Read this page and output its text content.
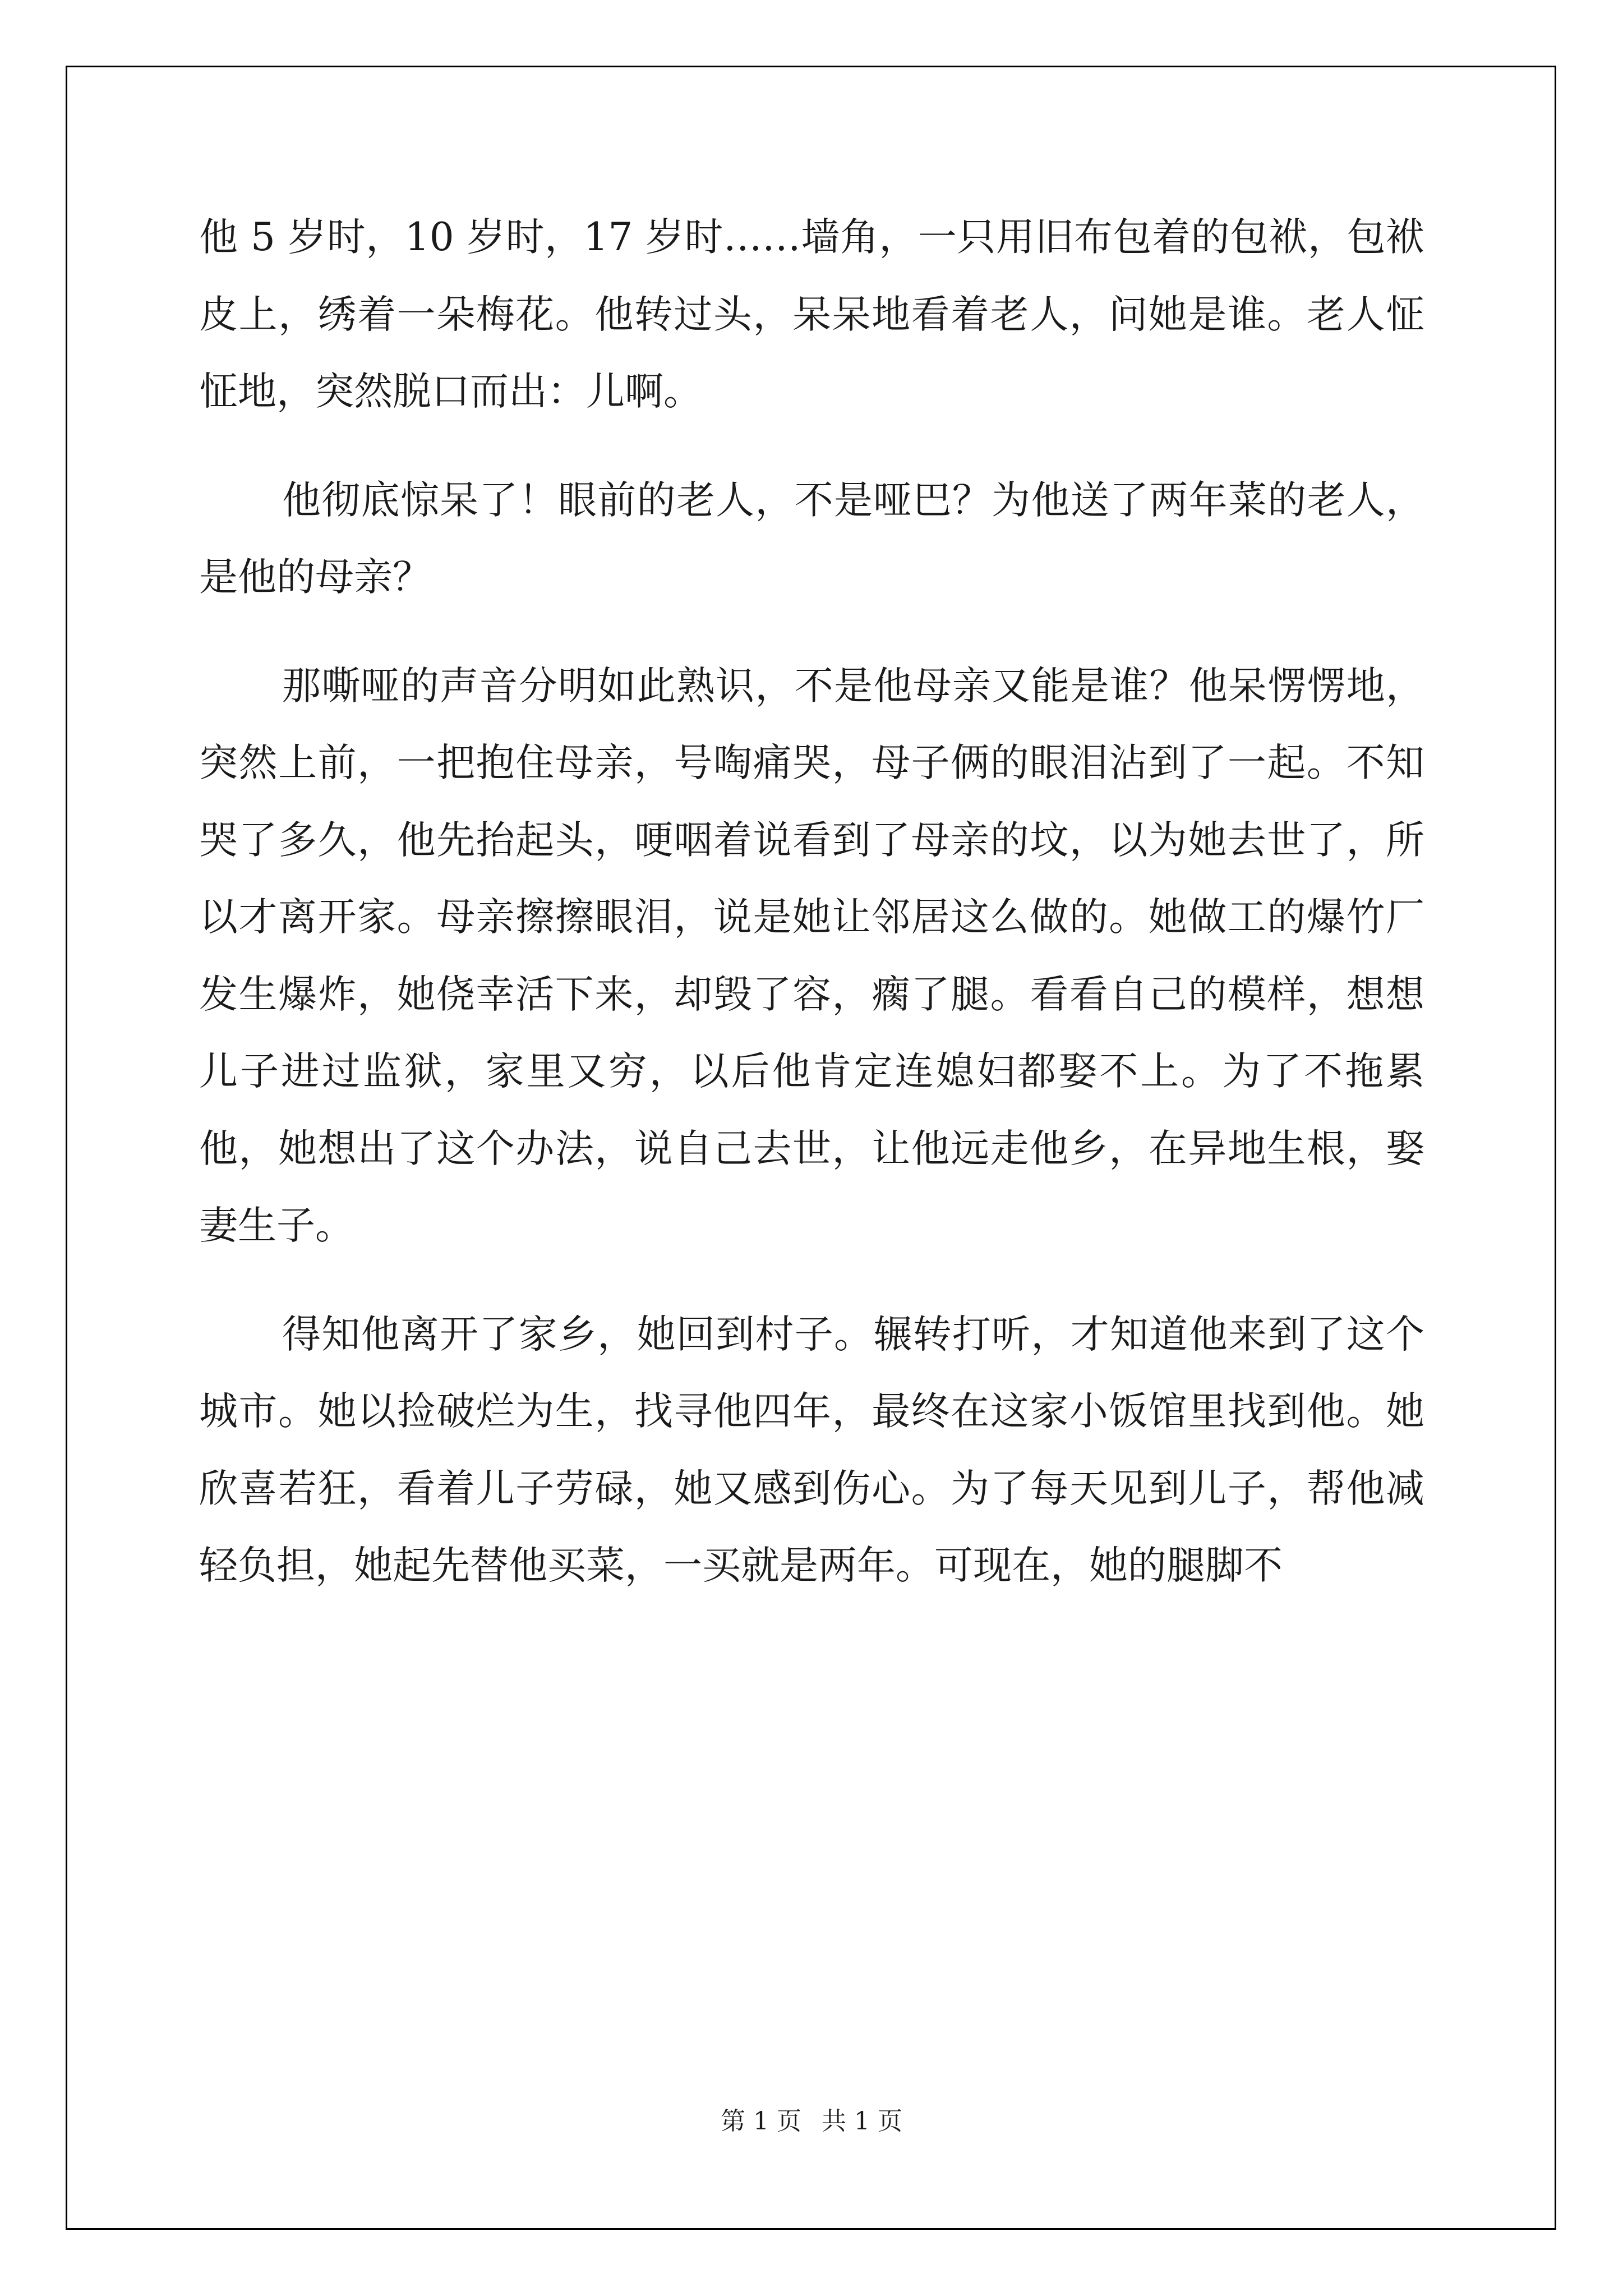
他 5 岁时，10 岁时，17 岁时……墙角，一只用旧布包着的包袱，包袱皮上，绣着一朵梅花。他转过头，呆呆地看着老人，问她是谁。老人怔怔地，突然脱口而出：儿啊。

他彻底惊呆了！眼前的老人，不是哑巴？为他送了两年菜的老人，是他的母亲？

那嘶哑的声音分明如此熟识，不是他母亲又能是谁？他呆愣愣地，突然上前，一把抱住母亲，号啕痛哭，母子俩的眼泪沾到了一起。不知哭了多久，他先抬起头，哽咽着说看到了母亲的坟，以为她去世了，所以才离开家。母亲擦擦眼泪，说是她让邻居这么做的。她做工的爆竹厂发生爆炸，她侥幸活下来，却毁了容，瘸了腿。看看自己的模样，想想儿子进过监狱，家里又穷，以后他肯定连媳妇都娶不上。为了不拖累他，她想出了这个办法，说自己去世，让他远走他乡，在异地生根，娶妻生子。

得知他离开了家乡，她回到村子。辗转打听，才知道他来到了这个城市。她以捡破烂为生，找寻他四年，最终在这家小饭馆里找到他。她欣喜若狂，看着儿子劳碌，她又感到伤心。为了每天见到儿子，帮他减轻负担，她起先替他买菜，一买就是两年。可现在，她的腿脚不

第 1 页 共 1 页
